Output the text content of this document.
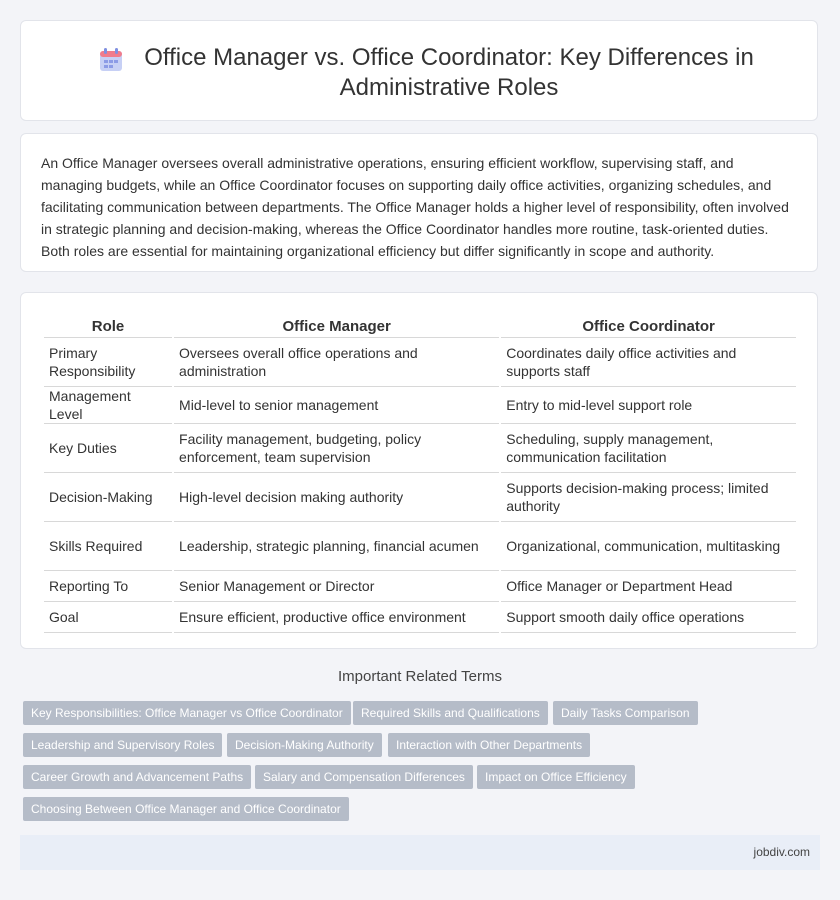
Office Manager vs. Office Coordinator: Key Differences in Administrative Roles

An Office Manager oversees overall administrative operations, ensuring efficient workflow, supervising staff, and managing budgets, while an Office Coordinator focuses on supporting daily office activities, organizing schedules, and facilitating communication between departments. The Office Manager holds a higher level of responsibility, often involved in strategic planning and decision-making, whereas the Office Coordinator handles more routine, task-oriented duties. Both roles are essential for maintaining organizational efficiency but differ significantly in scope and authority.

Role	Office Manager	Office Coordinator
Primary Responsibility	Oversees overall office operations and administration	Coordinates daily office activities and supports staff
Management Level	Mid-level to senior management	Entry to mid-level support role
Key Duties	Facility management, budgeting, policy enforcement, team supervision	Scheduling, supply management, communication facilitation
Decision-Making	High-level decision making authority	Supports decision-making process; limited authority
Skills Required	Leadership, strategic planning, financial acumen	Organizational, communication, multitasking
Reporting To	Senior Management or Director	Office Manager or Department Head
Goal	Ensure efficient, productive office environment	Support smooth daily office operations
Important Related Terms
Key Responsibilities: Office Manager vs Office Coordinator	Required Skills and Qualifications	Daily Tasks Comparison
Leadership and Supervisory Roles	Decision-Making Authority	Interaction with Other Departments
Career Growth and Advancement Paths	Salary and Compensation Differences	Impact on Office Efficiency
Choosing Between Office Manager and Office Coordinator
jobdiv.com
